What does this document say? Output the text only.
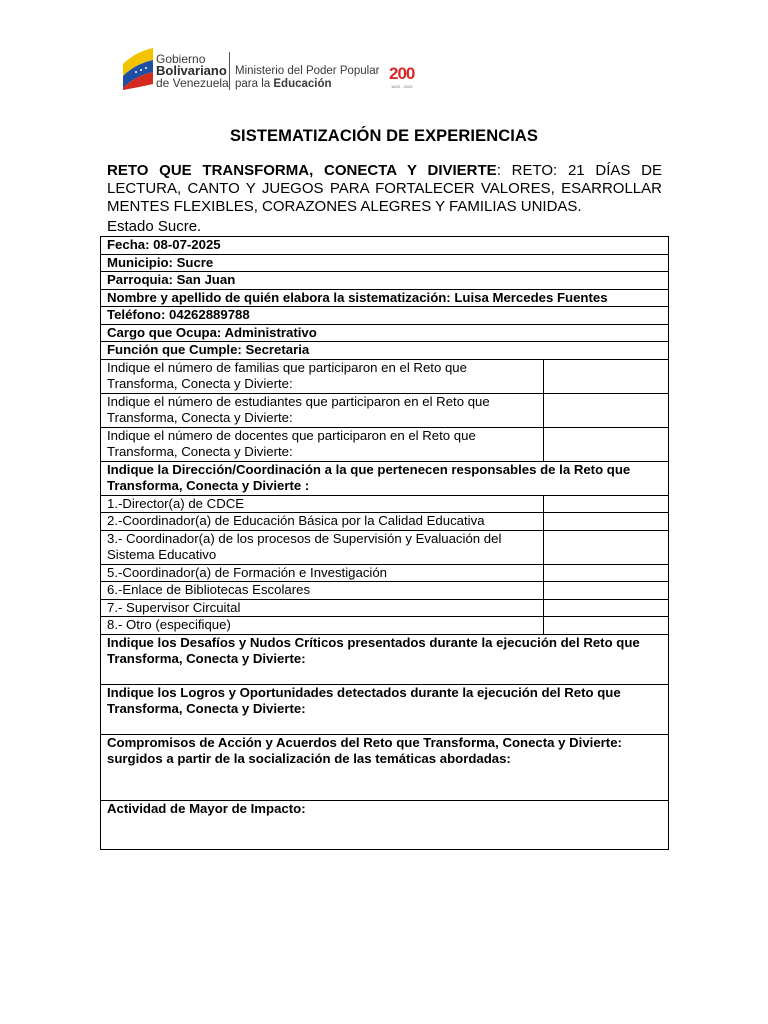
Gobierno
Bolivariano
de Venezuela
Ministerio del Poder Popular
para la Educación
200
1825 - 2025
SISTEMATIZACIÓN DE EXPERIENCIAS
RETO QUE TRANSFORMA, CONECTA Y DIVIERTE: RETO: 21 DÍAS DE LECTURA, CANTO Y JUEGOS PARA FORTALECER VALORES, ESARROLLAR MENTES FLEXIBLES, CORAZONES ALEGRES Y FAMILIAS UNIDAS.
Estado Sucre.
Fecha: 08-07-2025	
Municipio: Sucre	
Parroquia: San Juan	
Nombre y apellido de quién elabora la sistematización: Luisa Mercedes Fuentes	
Teléfono: 04262889788	
Cargo que Ocupa: Administrativo	
Función que Cumple: Secretaria	
Indique el número de familias que participaron en el Reto que Transforma, Conecta y Divierte:	
Indique el número de estudiantes que participaron en el Reto que Transforma, Conecta y Divierte:	
Indique el número de docentes que participaron en el Reto que Transforma, Conecta y Divierte:	
Indique la Dirección/Coordinación a la que pertenecen responsables de la Reto que Transforma, Conecta y Divierte :	
1.-Director(a) de CDCE	
2.-Coordinador(a) de Educación Básica por la Calidad Educativa	
3.- Coordinador(a) de los procesos de Supervisión y Evaluación del Sistema Educativo	
5.-Coordinador(a) de Formación e Investigación	
6.-Enlace de Bibliotecas Escolares	
7.- Supervisor Circuital	
8.- Otro (especifique)	
Indique los Desafíos y Nudos Críticos presentados durante la ejecución del Reto que Transforma, Conecta y Divierte:	
Indique los Logros y Oportunidades detectados durante la ejecución del Reto que Transforma, Conecta y Divierte:	
Compromisos de Acción y Acuerdos del Reto que Transforma, Conecta y Divierte: surgidos a partir de la socialización de las temáticas abordadas:	
Actividad de Mayor de Impacto:	
